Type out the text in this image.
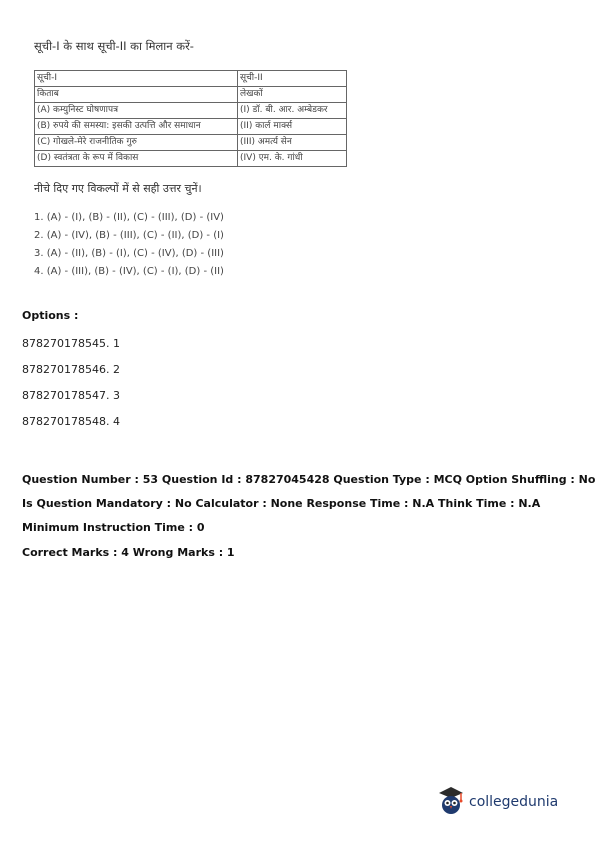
सूची-I के साथ सूची-II का मिलान करें-
सूची-I	सूची-II
किताब	लेखकों
(A) कम्युनिस्ट घोषणापत्र	(I) डॉ. बी. आर. अम्बेडकर
(B) रुपये की समस्या: इसकी उत्पत्ति और समाधान	(II) कार्ल मार्क्स
(C) गोखले-मेरे राजनीतिक गुरु	(III) अमर्त्य सेन
(D) स्वतंत्रता के रूप में विकास	(IV) एम. के. गांधी
नीचे दिए गए विकल्पों में से सही उत्तर चुनें।
1. (A) - (I), (B) - (II), (C) - (III), (D) - (IV)
2. (A) - (IV), (B) - (III), (C) - (II), (D) - (I)
3. (A) - (II), (B) - (I), (C) - (IV), (D) - (III)
4. (A) - (III), (B) - (IV), (C) - (I), (D) - (II)
Options :
878270178545. 1
878270178546. 2
878270178547. 3
878270178548. 4
Question Number : 53 Question Id : 87827045428 Question Type : MCQ Option Shuffling : No
Is Question Mandatory : No Calculator : None Response Time : N.A Think Time : N.A
Minimum Instruction Time : 0
Correct Marks : 4 Wrong Marks : 1
collegedunia
